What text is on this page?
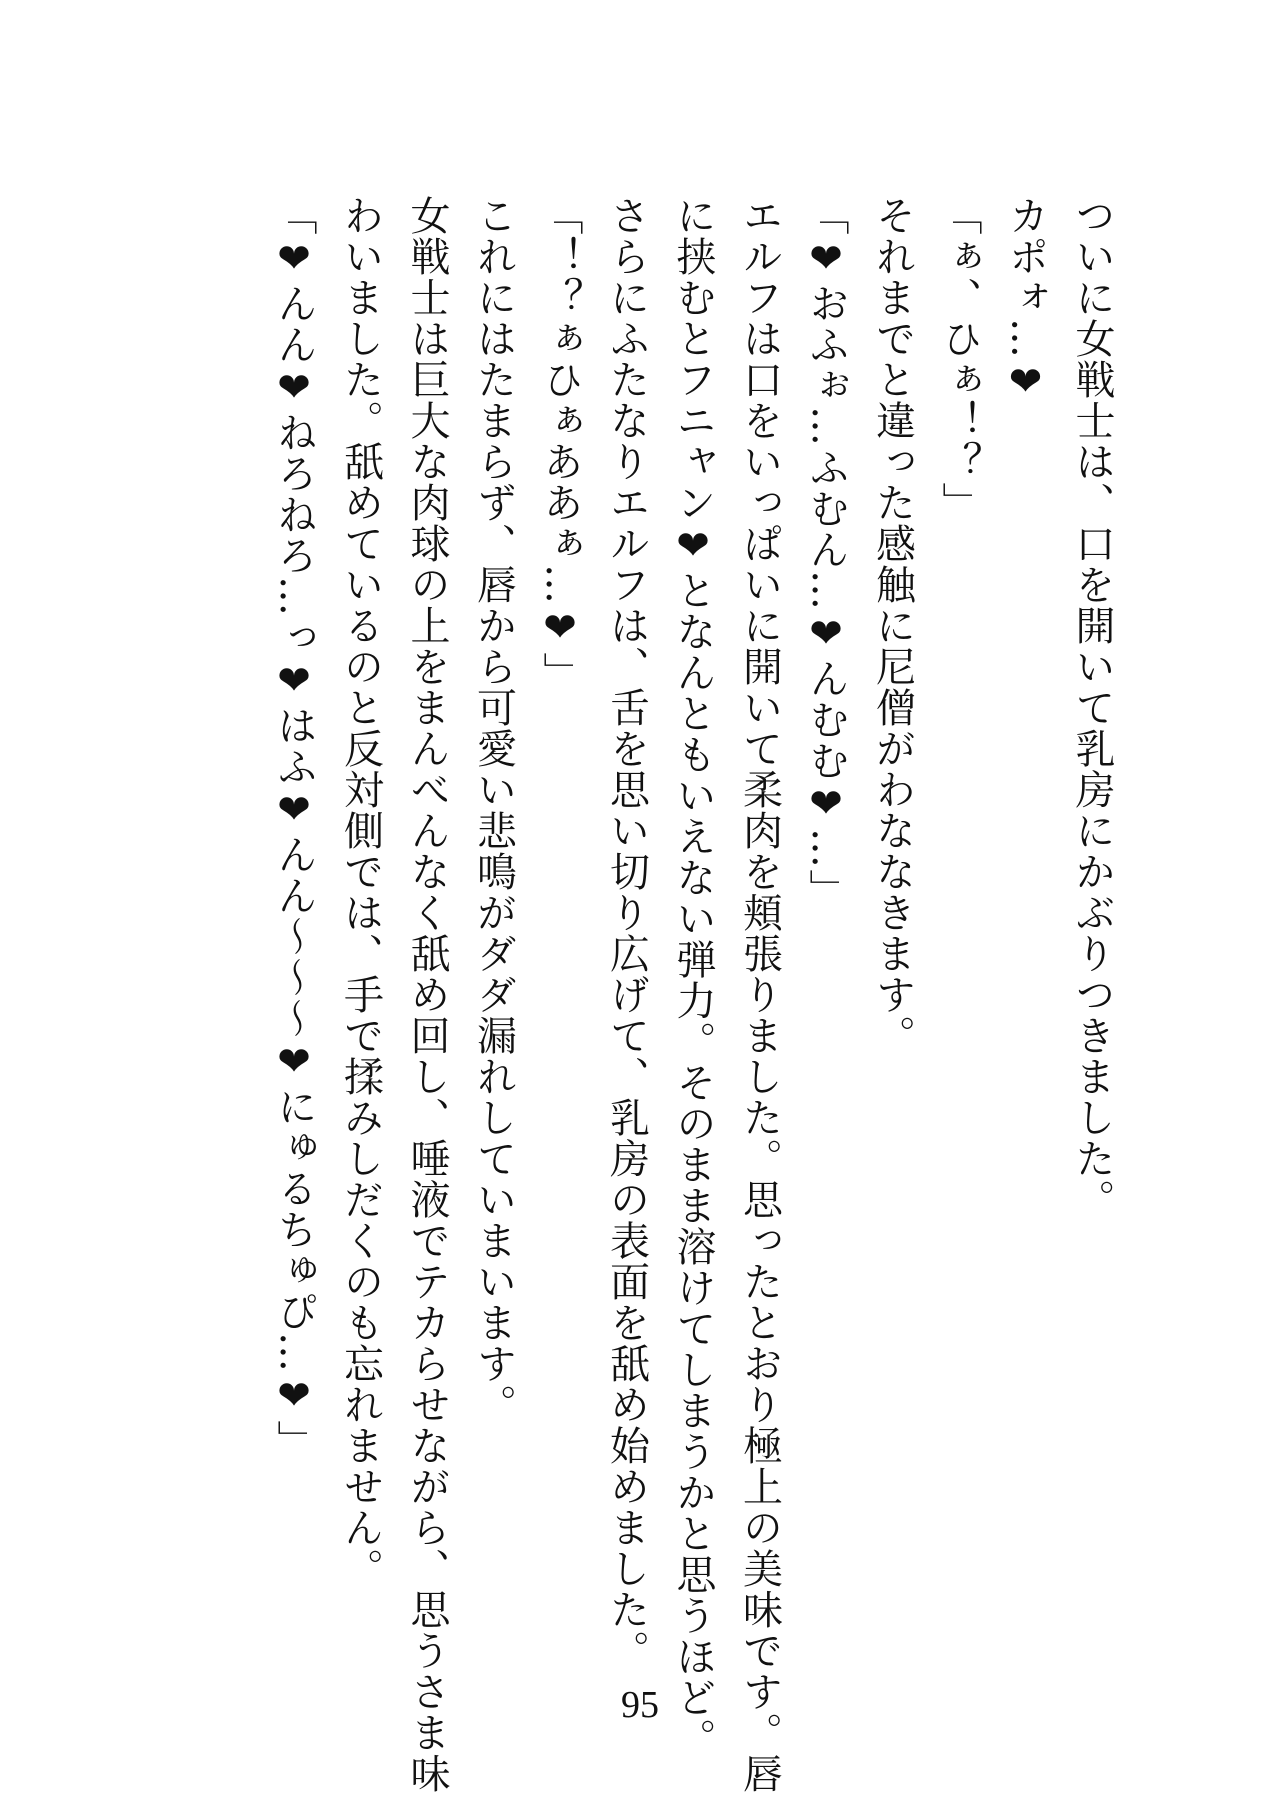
ついに女戦士は、口を開いて乳房にかぶりつきました。
カポォ…❤
「ぁ、ひぁ！？」
それまでと違った感触に尼僧がわななきます。
「❤おふぉ…ふむん…❤んむむ❤…」
エルフは口をいっぱいに開いて柔肉を頬張りました。思ったとおり極上の美味です。唇
に挟むとフニャン❤となんともいえない弾力。そのまま溶けてしまうかと思うほど。
さらにふたなりエルフは、舌を思い切り広げて、乳房の表面を舐め始めました。
「！？ぁひぁああぁ…❤」
これにはたまらず、唇から可愛い悲鳴がダダ漏れしていまいます。
女戦士は巨大な肉球の上をまんべんなく舐め回し、唾液でテカらせながら、思うさま味
わいました。舐めているのと反対側では、手で揉みしだくのも忘れません。
「❤んん❤ねろねろ…っ❤はふ❤んん〜〜〜❤にゅるちゅぴ…❤」
95
